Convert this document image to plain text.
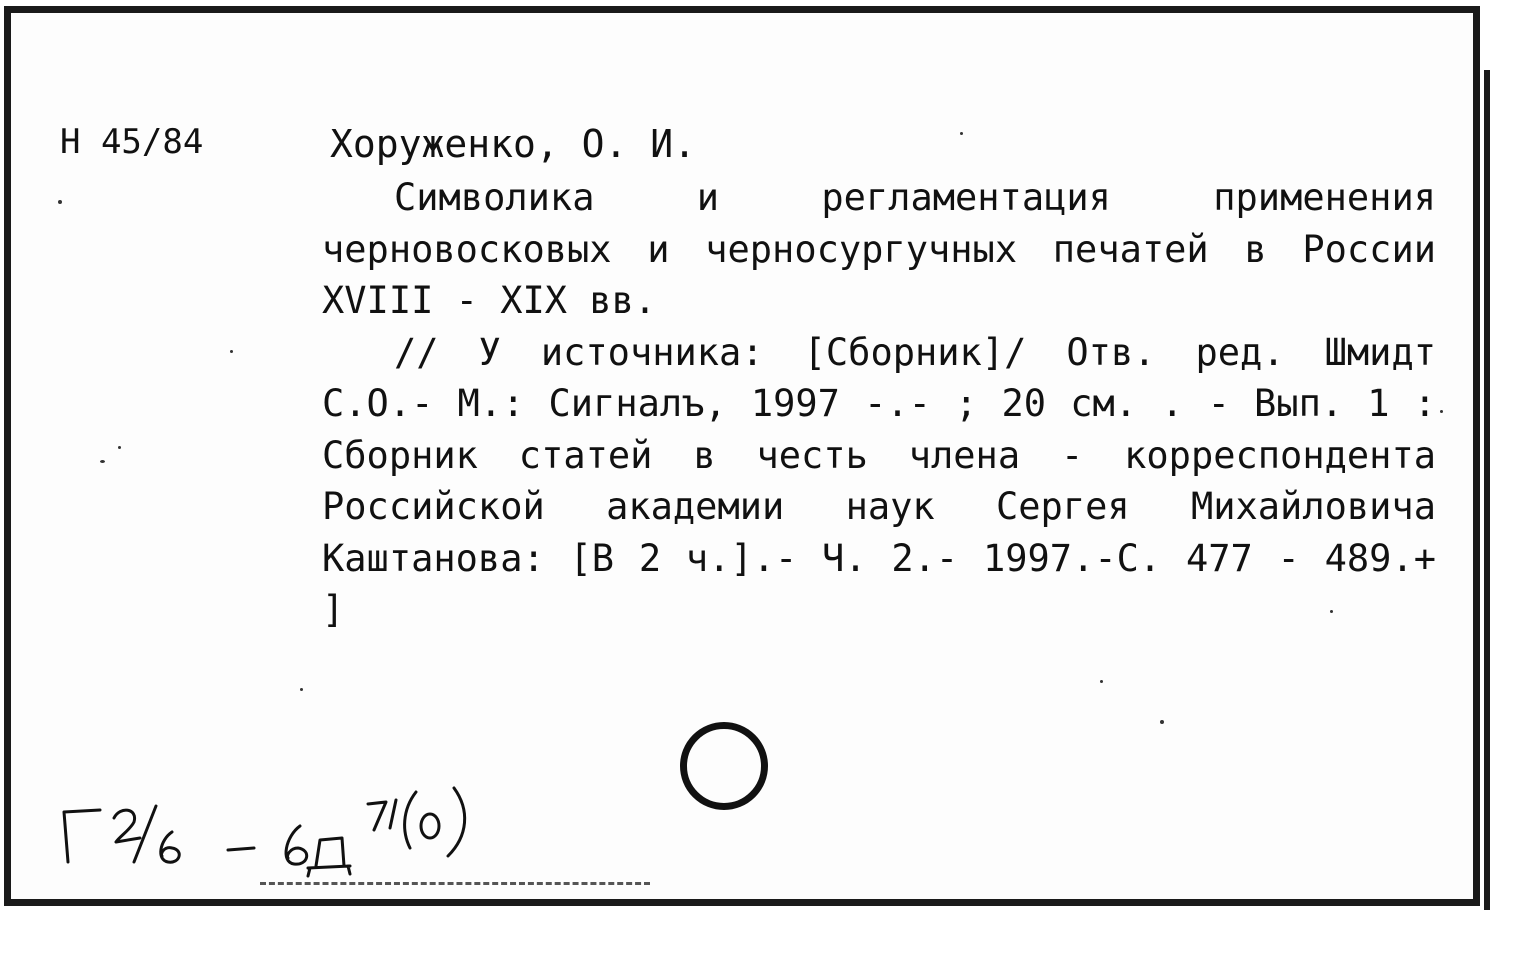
Н 45/84	Хоруженко, О. И.

Символика и регламентация применения черновосковых и черносургучных печатей в России XVIII - XIX вв.

// У источника: [Сборник]/ Отв. ред. Шмидт С.О.- М.: Сигналъ, 1997 -.- ; 20 см. . - Вып. 1 : Сборник статей в честь члена - корреспондента Российской академии наук Сергея Михайловича Каштанова: [В 2 ч.].- Ч. 2.- 1997.-С. 477 - 489.+ ]
